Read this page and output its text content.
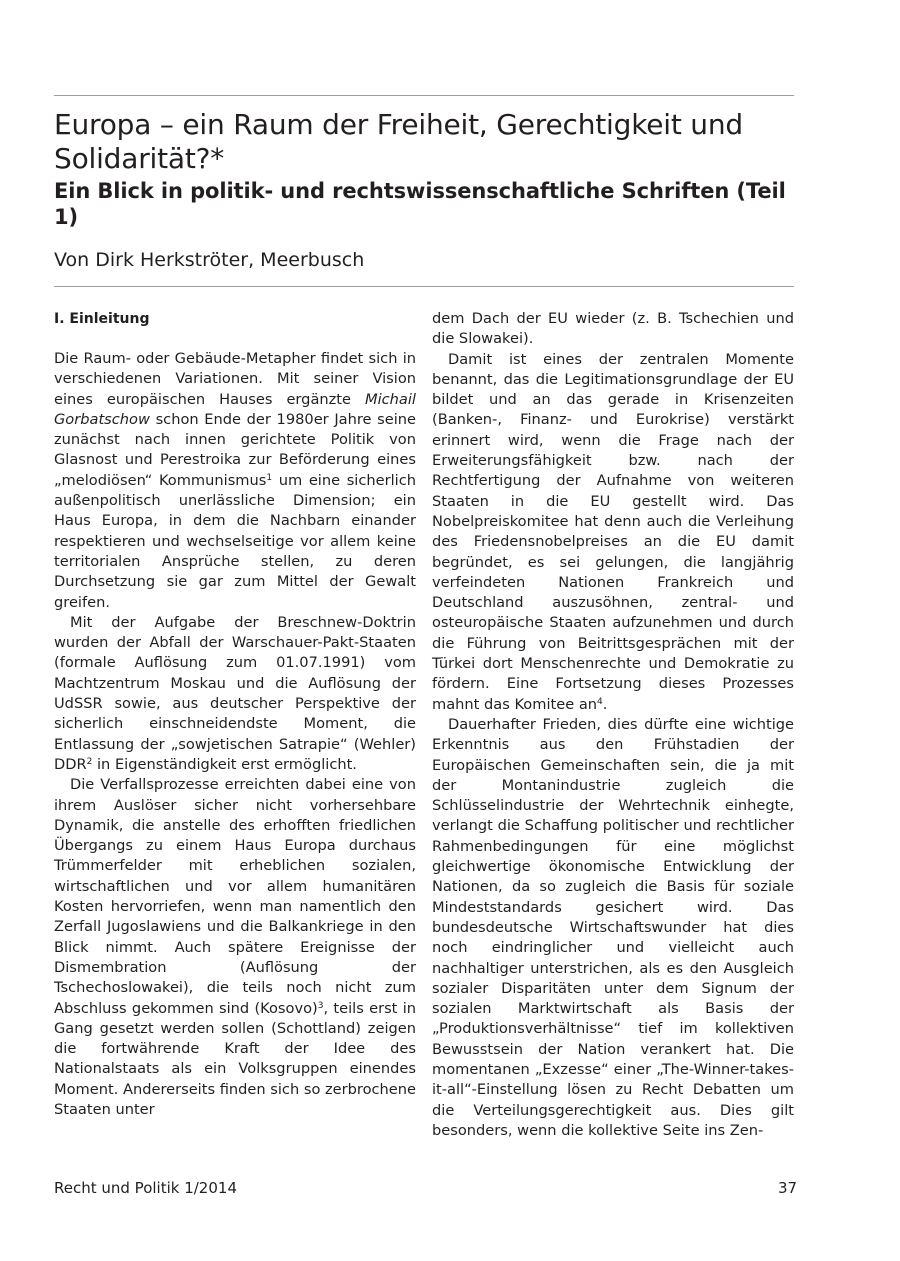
Europa – ein Raum der Freiheit, Gerechtigkeit und Solidarität?*
Ein Blick in politik- und rechtswissenschaftliche Schriften (Teil 1)
Von Dirk Herkströter, Meerbusch
I. Einleitung

Die Raum- oder Gebäude-Metapher findet sich in verschiedenen Variationen. Mit seiner Vision eines europäischen Hauses ergänzte Michail Gorbatschow schon Ende der 1980er Jahre seine zunächst nach innen gerichtete Politik von Glasnost und Perestroika zur Beförderung eines „melodiösen“ Kommunismus$^1$ um eine sicherlich außenpolitisch unerlässliche Dimension; ein Haus Europa, in dem die Nachbarn einander respektieren und wechselseitige vor allem keine territorialen Ansprüche stellen, zu deren Durchsetzung sie gar zum Mittel der Gewalt greifen.

Mit der Aufgabe der Breschnew-Doktrin wurden der Abfall der Warschauer-Pakt-Staaten (formale Auflösung zum 01.07.1991) vom Machtzentrum Moskau und die Auflösung der UdSSR sowie, aus deutscher Perspektive der sicherlich einschneidendste Moment, die Entlassung der „sowjetischen Satrapie“ (Wehler) DDR$^2$ in Eigenständigkeit erst ermöglicht.

Die Verfallsprozesse erreichten dabei eine von ihrem Auslöser sicher nicht vorhersehbare Dynamik, die anstelle des erhofften friedlichen Übergangs zu einem Haus Europa durchaus Trümmerfelder mit erheblichen sozialen, wirtschaftlichen und vor allem humanitären Kosten hervorriefen, wenn man namentlich den Zerfall Jugoslawiens und die Balkankriege in den Blick nimmt. Auch spätere Ereignisse der Dismembration (Auflösung der Tschechoslowakei), die teils noch nicht zum Abschluss gekommen sind (Kosovo)$^3$, teils erst in Gang gesetzt werden sollen (Schottland) zeigen die fortwährende Kraft der Idee des Nationalstaats als ein Volksgruppen einendes Moment. Andererseits finden sich so zerbrochene Staaten unter

dem Dach der EU wieder (z. B. Tschechien und die Slowakei).

Damit ist eines der zentralen Momente benannt, das die Legitimationsgrundlage der EU bildet und an das gerade in Krisenzeiten (Banken-, Finanz- und Eurokrise) verstärkt erinnert wird, wenn die Frage nach der Erweiterungsfähigkeit bzw. nach der Rechtfertigung der Aufnahme von weiteren Staaten in die EU gestellt wird. Das Nobelpreiskomitee hat denn auch die Verleihung des Friedensnobelpreises an die EU damit begründet, es sei gelungen, die langjährig verfeindeten Nationen Frankreich und Deutschland auszusöhnen, zentral- und osteuropäische Staaten aufzunehmen und durch die Führung von Beitrittsgesprächen mit der Türkei dort Menschenrechte und Demokratie zu fördern. Eine Fortsetzung dieses Prozesses mahnt das Komitee $an^4$.

Dauerhafter Frieden, dies dürfte eine wichtige Erkenntnis aus den Frühstadien der Europäischen Gemeinschaften sein, die ja mit der Montanindustrie zugleich die Schlüsselindustrie der Wehrtechnik einhegte, verlangt die Schaffung politischer und rechtlicher Rahmenbedingungen für eine möglichst gleichwertige ökonomische Entwicklung der Nationen, da so zugleich die Basis für soziale Mindeststandards gesichert wird. Das bundesdeutsche Wirtschaftswunder hat dies noch eindringlicher und vielleicht auch nachhaltiger unterstrichen, als es den Ausgleich sozialer Disparitäten unter dem Signum der sozialen Marktwirtschaft als Basis der „Produktionsverhältnisse“ tief im kollektiven Bewusstsein der Nation verankert hat. Die momentanen „Exzesse“ einer „The-Winner-takes-it-all“-Einstellung lösen zu Recht Debatten um die Verteilungsgerechtigkeit aus. Dies gilt besonders, wenn die kollektive Seite ins Zen-

Recht und Politik 1/2014	37
